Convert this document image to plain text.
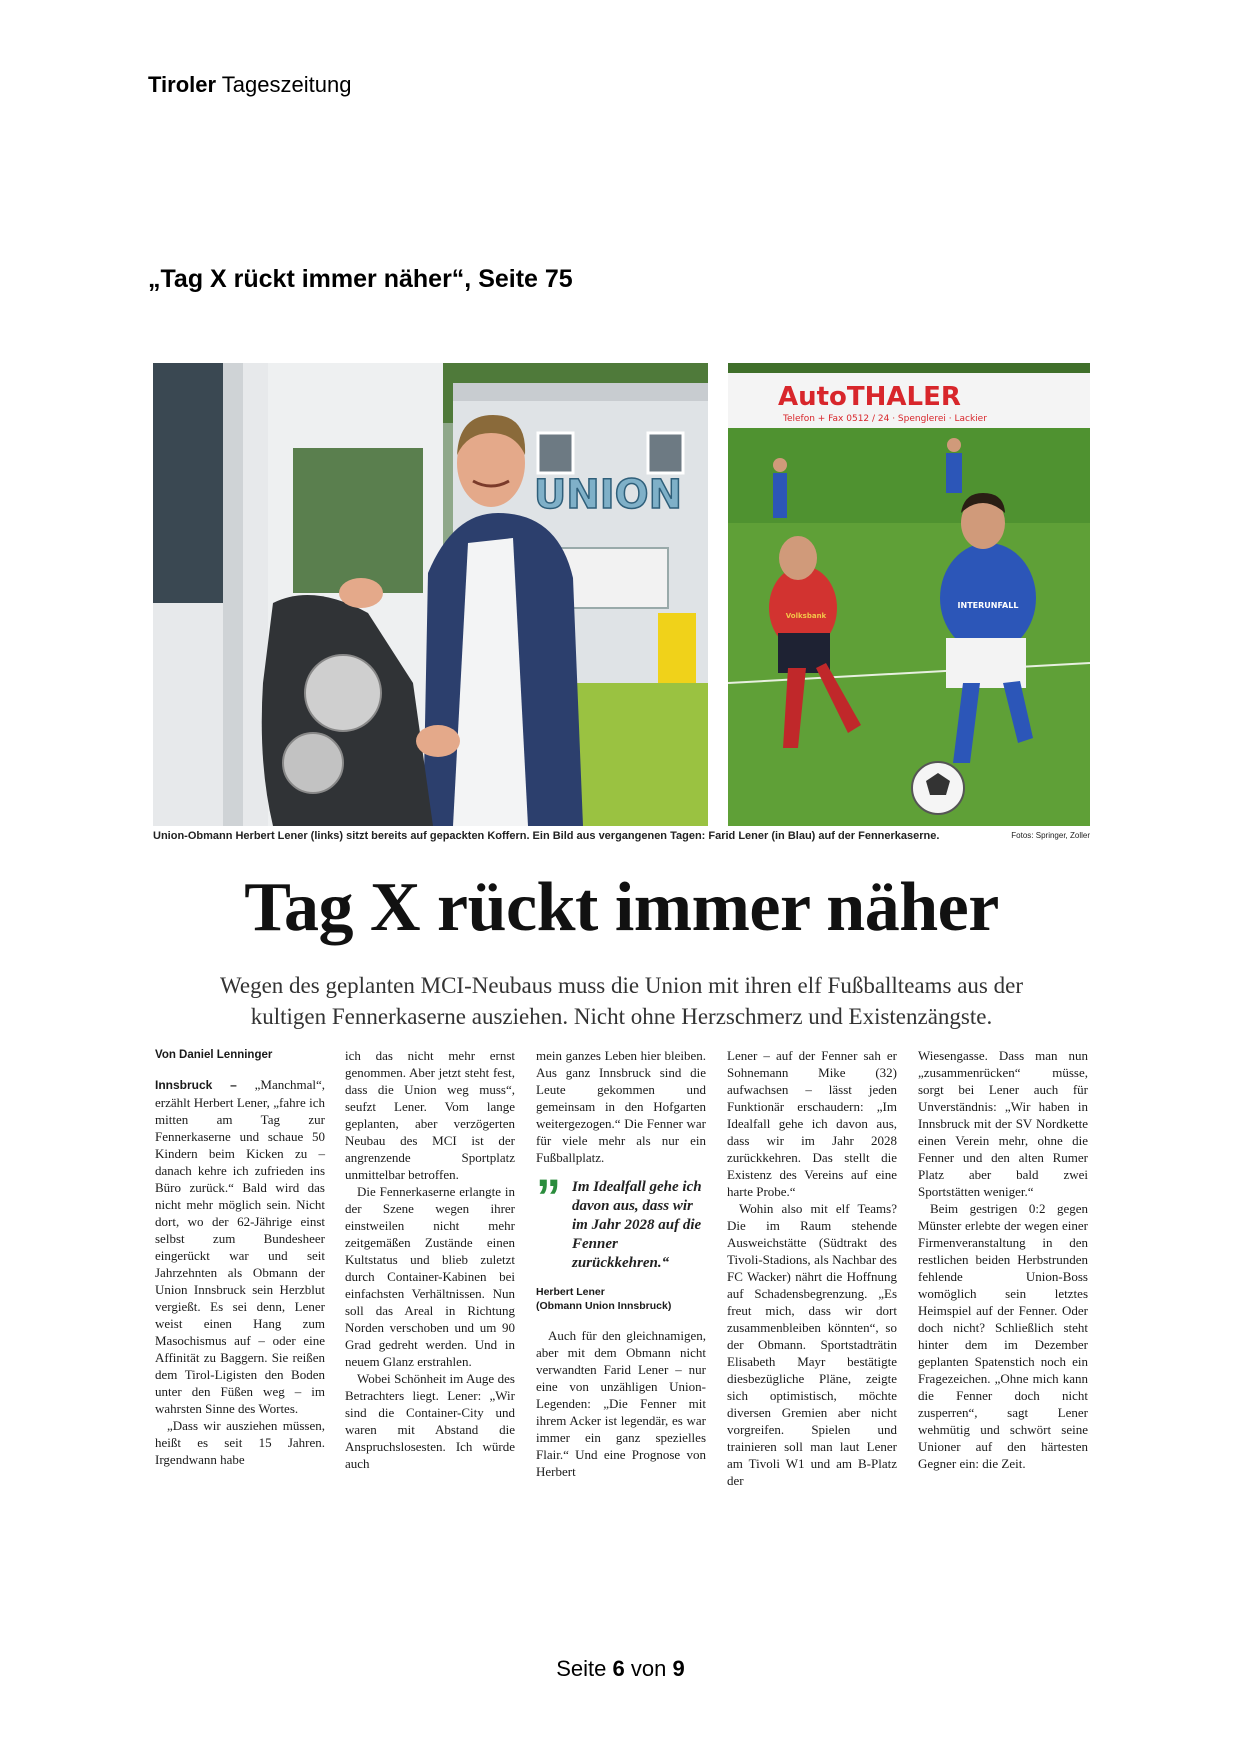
Tiroler Tageszeitung
„Tag X rückt immer näher“, Seite 75
UNION
AutoTHALER
Telefon + Fax 0512 / 24 · Spenglerei · Lackier
INTERUNFALL
Volksbank
Union-Obmann Herbert Lener (links) sitzt bereits auf gepackten Koffern. Ein Bild aus vergangenen Tagen: Farid Lener (in Blau) auf der Fennerkaserne.	Fotos: Springer, Zoller
Tag X rückt immer näher
Wegen des geplanten MCI-Neubaus muss die Union mit ihren elf Fußballteams aus der
kultigen Fennerkaserne ausziehen. Nicht ohne Herzschmerz und Existenzängste.
Von Daniel Lenninger

Innsbruck – „Manchmal“, erzählt Herbert Lener, „fahre ich mitten am Tag zur Fennerkaserne und schaue 50 Kindern beim Kicken zu – danach kehre ich zufrieden ins Büro zurück.“ Bald wird das nicht mehr möglich sein. Nicht dort, wo der 62-Jährige einst selbst zum Bundesheer eingerückt war und seit Jahrzehnten als Obmann der Union Innsbruck sein Herzblut vergießt. Es sei denn, Lener weist einen Hang zum Masochismus auf – oder eine Affinität zu Baggern. Sie reißen dem Tirol-Ligisten den Boden unter den Füßen weg – im wahrsten Sinne des Wortes.

„Dass wir ausziehen müssen, heißt es seit 15 Jahren. Irgendwann habe

ich das nicht mehr ernst genommen. Aber jetzt steht fest, dass die Union weg muss“, seufzt Lener. Vom lange geplanten, aber verzögerten Neubau des MCI ist der angrenzende Sportplatz unmittelbar betroffen.

Die Fennerkaserne erlangte in der Szene wegen ihrer einstweilen nicht mehr zeitgemäßen Zustände einen Kultstatus und blieb zuletzt durch Container-Kabinen bei einfachsten Verhältnissen. Nun soll das Areal in Richtung Norden verschoben und um 90 Grad gedreht werden. Und in neuem Glanz erstrahlen.

Wobei Schönheit im Auge des Betrachters liegt. Lener: „Wir sind die Container-City und waren mit Abstand die Anspruchslosesten. Ich würde auch

mein ganzes Leben hier bleiben. Aus ganz Innsbruck sind die Leute gekommen und gemeinsam in den Hofgarten weitergezogen.“ Die Fenner war für viele mehr als nur ein Fußballplatz.

” Im Idealfall gehe ich davon aus, dass wir im Jahr 2028 auf die Fenner zurückkehren.“
Herbert Lener
(Obmann Union Innsbruck)

Auch für den gleichnamigen, aber mit dem Obmann nicht verwandten Farid Lener – nur eine von unzähligen Union-Legenden: „Die Fenner mit ihrem Acker ist legendär, es war immer ein ganz spezielles Flair.“ Und eine Prognose von Herbert

Lener – auf der Fenner sah er Sohnemann Mike (32) aufwachsen – lässt jeden Funktionär erschaudern: „Im Idealfall gehe ich davon aus, dass wir im Jahr 2028 zurückkehren. Das stellt die Existenz des Vereins auf eine harte Probe.“

Wohin also mit elf Teams? Die im Raum stehende Ausweichstätte (Südtrakt des Tivoli-Stadions, als Nachbar des FC Wacker) nährt die Hoffnung auf Schadensbegrenzung. „Es freut mich, dass wir dort zusammenbleiben könnten“, so der Obmann. Sportstadträtin Elisabeth Mayr bestätigte diesbezügliche Pläne, zeigte sich optimistisch, möchte diversen Gremien aber nicht vorgreifen. Spielen und trainieren soll man laut Lener am Tivoli W1 und am B-Platz der

Wiesengasse. Dass man nun „zusammenrücken“ müsse, sorgt bei Lener auch für Unverständnis: „Wir haben in Innsbruck mit der SV Nordkette einen Verein mehr, ohne die Fenner und den alten Rumer Platz aber bald zwei Sportstätten weniger.“

Beim gestrigen 0:2 gegen Münster erlebte der wegen einer Firmenveranstaltung in den restlichen beiden Herbstrunden fehlende Union-Boss womöglich sein letztes Heimspiel auf der Fenner. Oder doch nicht? Schließlich steht hinter dem im Dezember geplanten Spatenstich noch ein Fragezeichen. „Ohne mich kann die Fenner doch nicht zusperren“, sagt Lener wehmütig und schwört seine Unioner auf den härtesten Gegner ein: die Zeit.

Seite 6 von 9
